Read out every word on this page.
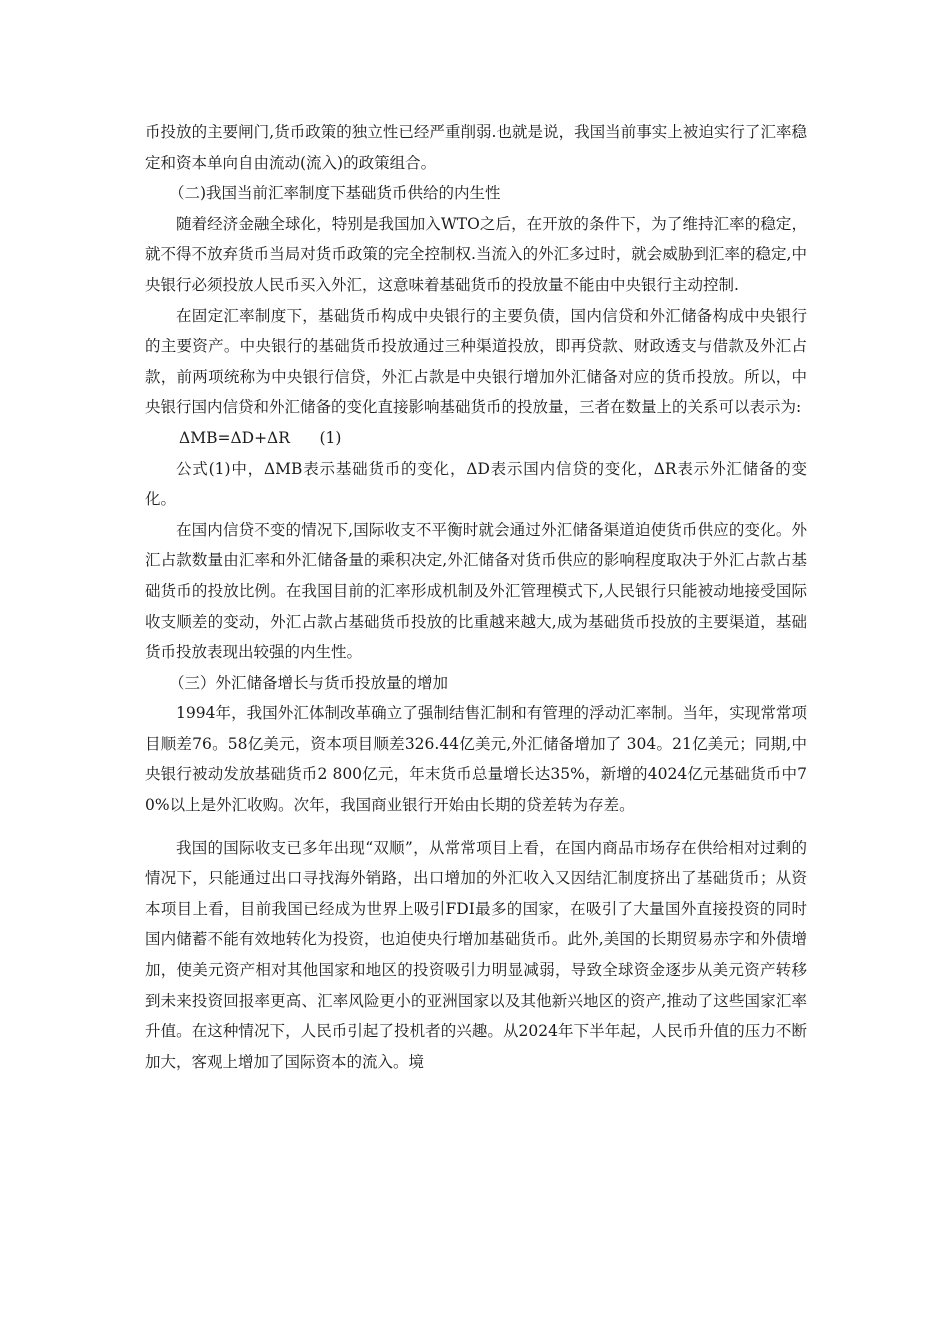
币投放的主要闸门,货币政策的独立性已经严重削弱.也就是说，我国当前事实上被迫实行了汇率稳定和资本单向自由流动(流入)的政策组合。

（二)我国当前汇率制度下基础货币供给的内生性

随着经济金融全球化，特别是我国加入WTO之后，在开放的条件下，为了维持汇率的稳定，就不得不放弃货币当局对货币政策的完全控制权.当流入的外汇多过时，就会威胁到汇率的稳定,中央银行必须投放人民币买入外汇，这意味着基础货币的投放量不能由中央银行主动控制.

在固定汇率制度下，基础货币构成中央银行的主要负债，国内信贷和外汇储备构成中央银行的主要资产。中央银行的基础货币投放通过三种渠道投放，即再贷款、财政透支与借款及外汇占款，前两项统称为中央银行信贷，外汇占款是中央银行增加外汇储备对应的货币投放。所以，中央银行国内信贷和外汇储备的变化直接影响基础货币的投放量，三者在数量上的关系可以表示为:

ΔMB=ΔD+ΔR      (1)

公式(1)中，ΔMB表示基础货币的变化，ΔD表示国内信贷的变化，ΔR表示外汇储备的变化。

在国内信贷不变的情况下,国际收支不平衡时就会通过外汇储备渠道迫使货币供应的变化。外汇占款数量由汇率和外汇储备量的乘积决定,外汇储备对货币供应的影响程度取决于外汇占款占基础货币的投放比例。在我国目前的汇率形成机制及外汇管理模式下,人民银行只能被动地接受国际收支顺差的变动，外汇占款占基础货币投放的比重越来越大,成为基础货币投放的主要渠道，基础货币投放表现出较强的内生性。

（三）外汇储备增长与货币投放量的增加

1994年，我国外汇体制改革确立了强制结售汇制和有管理的浮动汇率制。当年，实现常常项目顺差76。58亿美元，资本项目顺差326.44亿美元,外汇储备增加了 304。21亿美元；同期,中央银行被动发放基础货币2 800亿元，年末货币总量增长达35%，新增的4024亿元基础货币中70%以上是外汇收购。次年，我国商业银行开始由长期的贷差转为存差。

我国的国际收支已多年出现“双顺”，从常常项目上看，在国内商品市场存在供给相对过剩的情况下，只能通过出口寻找海外销路，出口增加的外汇收入又因结汇制度挤出了基础货币；从资本项目上看，目前我国已经成为世界上吸引FDI最多的国家，在吸引了大量国外直接投资的同时国内储蓄不能有效地转化为投资，也迫使央行增加基础货币。此外,美国的长期贸易赤字和外债增加，使美元资产相对其他国家和地区的投资吸引力明显减弱，导致全球资金逐步从美元资产转移到未来投资回报率更高、汇率风险更小的亚洲国家以及其他新兴地区的资产,推动了这些国家汇率升值。在这种情况下，人民币引起了投机者的兴趣。从2024年下半年起，人民币升值的压力不断加大，客观上增加了国际资本的流入。境
